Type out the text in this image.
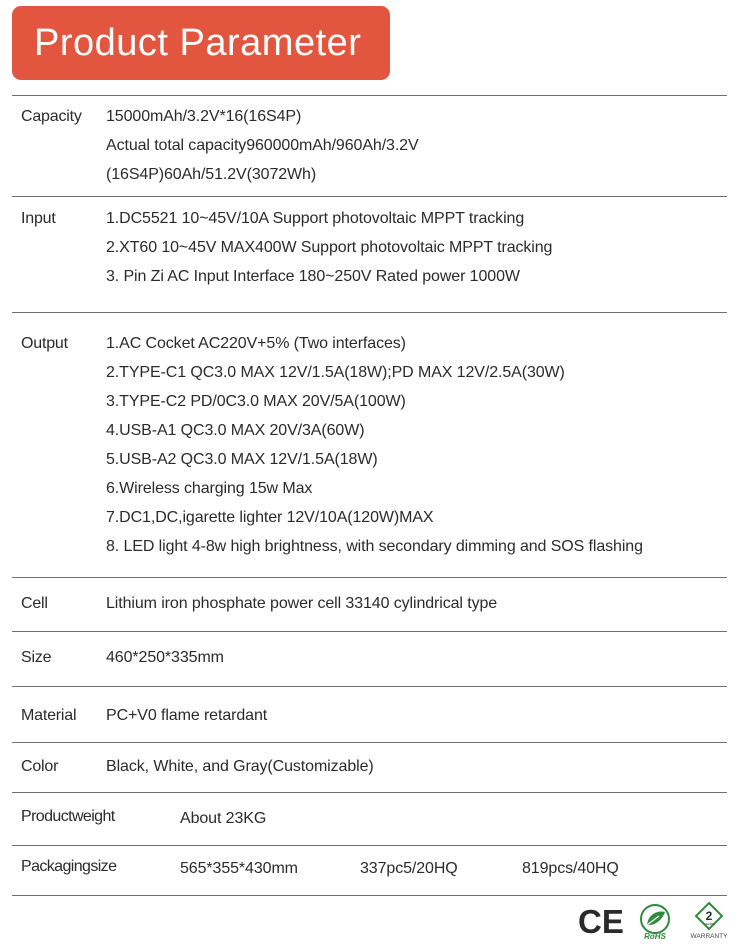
Product Parameter
Capacity 15000mAh/3.2V*16(16S4P)
Actual total capacity960000mAh/960Ah/3.2V
(16S4P)60Ah/51.2V(3072Wh)
Input	1.DC5521 10~45V/10A Support photovoltaic MPPT tracking
2.XT60 10~45V MAX400W Support photovoltaic MPPT tracking
3. Pin Zi AC Input Interface 180~250V Rated power 1000W
Output 1.AC Cocket AC220V+5% (Two interfaces)
2.TYPE-C1 QC3.0 MAX 12V/1.5A(18W);PD MAX 12V/2.5A(30W)
3.TYPE-C2 PD/0C3.0 MAX 20V/5A(100W)
4.USB-A1 QC3.0 MAX 20V/3A(60W)
5.USB-A2 QC3.0 MAX 12V/1.5A(18W)
6.Wireless charging 15w Max
7.DC1,DC,igarette lighter 12V/10A(120W)MAX
8. LED light 4-8w high brightness, with secondary dimming and SOS flashing
Cell	Lithium iron phosphate power cell 33140 cylindrical type
Size	460*250*335mm
Material PC+V0 flame retardant
Color	Black, White, and Gray(Customizable)
Productweight	About 23KG
Packagingsize	565*355*430mm	337pc5/20HQ	819pcs/40HQ
CE	RoHS
2
YEARS
WARRANTY
